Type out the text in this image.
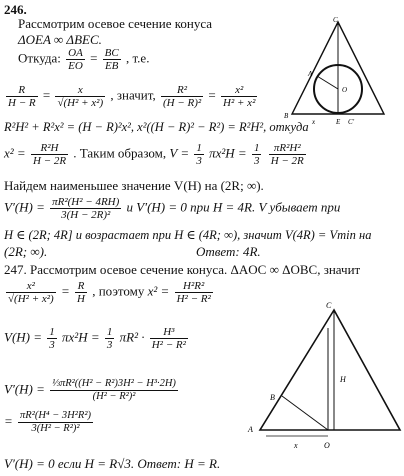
246.
Рассмотрим осевое сечение конуса
ΔOEA ∞ ΔBEC.
Откуда: $\frac{OA}{EO} = \frac{BC}{EB}$ , т.е.
$\frac{R}{H - R} = \frac{x}{\text{√(H² + x²)}}$ , значит, $\frac{\text{R²}}{\text{(H − R)²}} = \frac{\text{x²}}{\text{H² + x²}}$
R²H² + R²x² = (H − R)²x², x²((H − R)² − R²) = R²H², откуда
$x^2 = \frac{\text{R²H}}{H - 2R}$ . Таким образом, $V = \frac{1}{3} \pi x^2H = \frac{1}{3}$
$\frac{\text{πR²H²}}{H - 2R}$
Найдем наименьшее значение V(H) на (2R; ∞).
$V'(H) = \frac{\text{πR²(H² − 4RH)}}{\text{3(H − 2R)²}}$ и V′(H) = 0 при H = 4R. V убывает при
H ∈ (2R; 4R] и возрастает при H ∈ (4R; ∞), значит V(4R) = Vmin на
(2R; ∞).	Ответ: 4R.
247. Рассмотрим осевое сечение конуса. ΔAOC ∞ ΔOBC, значит
$\frac{\text{x²}}{\text{√(H² + x²)}} = \frac{R}{H}$ , поэтому $x^2 = \frac{\text{H²R²}}{\text{H² − R²}}$
$V(H) = \frac{1}{3} \pi x^2H = \frac{1}{3} \pi R^2 \cdot \frac{\text{H³}}{\text{H² − R²}}$
$V'(H) = \frac{\text{⅓πR²((H² − R²)3H² − H³·2H)}}{\text{(H² − R²)²}}$
= $\frac{\text{πR²(H⁴ − 3H²R²)}}{\text{3(H² − R²)²}}$
V′(H) = 0 если H = R√3. Ответ: H = R.
C
A
O
B
x	E C′
C
B
H
A
x	O
